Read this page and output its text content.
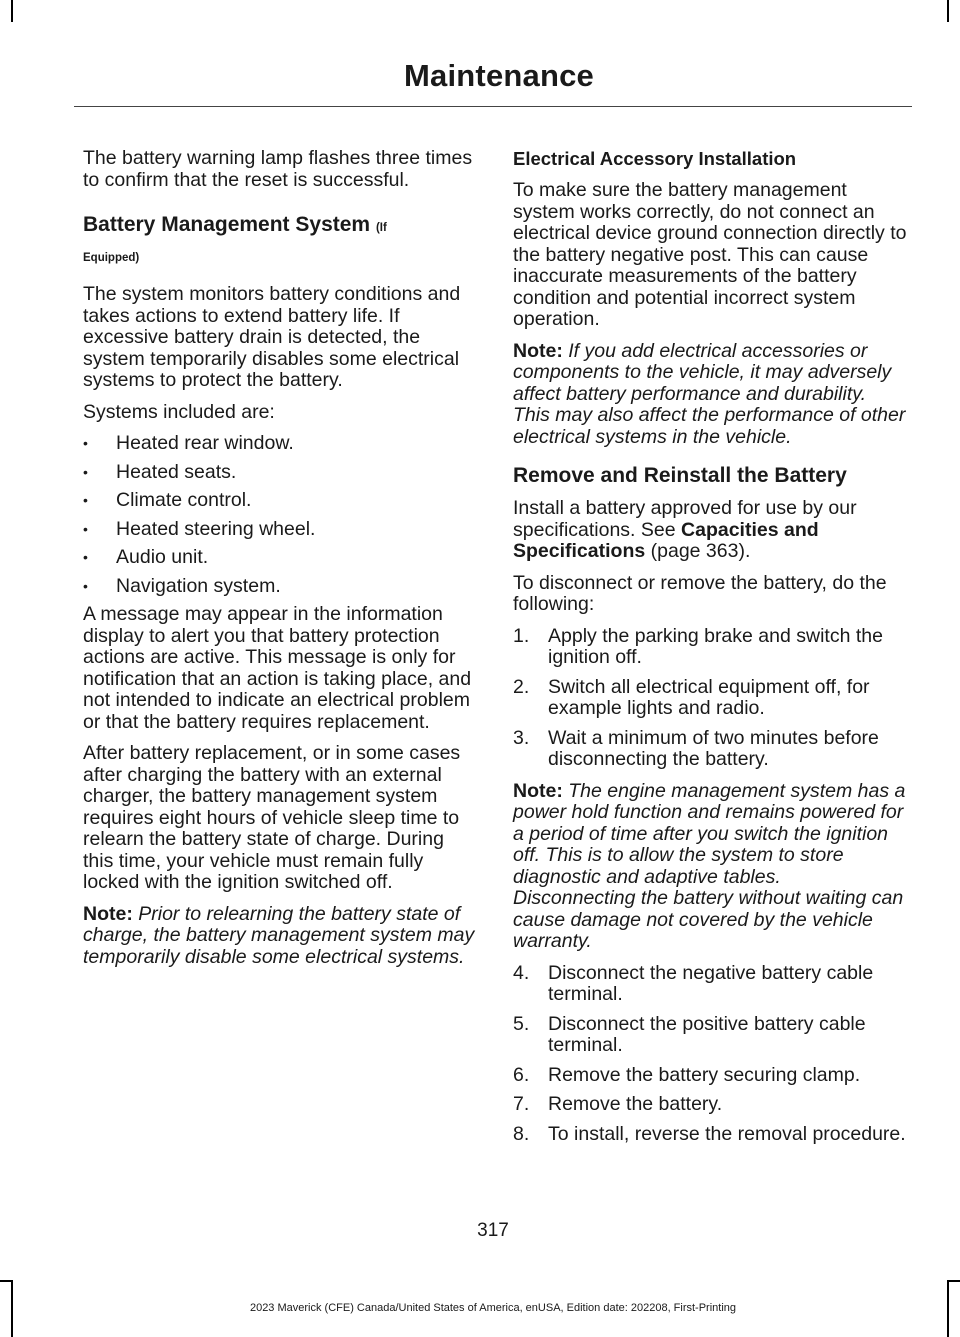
Maintenance

The battery warning lamp flashes three times to confirm that the reset is successful.

Battery Management System (If
Equipped)

The system monitors battery conditions and takes actions to extend battery life. If excessive battery drain is detected, the system temporarily disables some electrical systems to protect the battery.

Systems included are:

• Heated rear window.
• Heated seats.
• Climate control.
• Heated steering wheel.
• Audio unit.
• Navigation system.

A message may appear in the information display to alert you that battery protection actions are active. This message is only for notification that an action is taking place, and not intended to indicate an electrical problem or that the battery requires replacement.

After battery replacement, or in some cases after charging the battery with an external charger, the battery management system requires eight hours of vehicle sleep time to relearn the battery state of charge. During this time, your vehicle must remain fully locked with the ignition switched off.

Note: Prior to relearning the battery state of charge, the battery management system may temporarily disable some electrical systems.

Electrical Accessory Installation

To make sure the battery management system works correctly, do not connect an electrical device ground connection directly to the battery negative post. This can cause inaccurate measurements of the battery condition and potential incorrect system operation.

Note: If you add electrical accessories or components to the vehicle, it may adversely affect battery performance and durability. This may also affect the performance of other electrical systems in the vehicle.

Remove and Reinstall the Battery

Install a battery approved for use by our specifications. See Capacities and Specifications (page 363).

To disconnect or remove the battery, do the following:

1. Apply the parking brake and switch the ignition off.
2. Switch all electrical equipment off, for example lights and radio.
3. Wait a minimum of two minutes before disconnecting the battery.

Note: The engine management system has a power hold function and remains powered for a period of time after you switch the ignition off. This is to allow the system to store diagnostic and adaptive tables. Disconnecting the battery without waiting can cause damage not covered by the vehicle warranty.

4. Disconnect the negative battery cable terminal.
5. Disconnect the positive battery cable terminal.
6. Remove the battery securing clamp.
7. Remove the battery.
8. To install, reverse the removal procedure.
317
2023 Maverick (CFE) Canada/United States of America, enUSA, Edition date: 202208, First-Printing
